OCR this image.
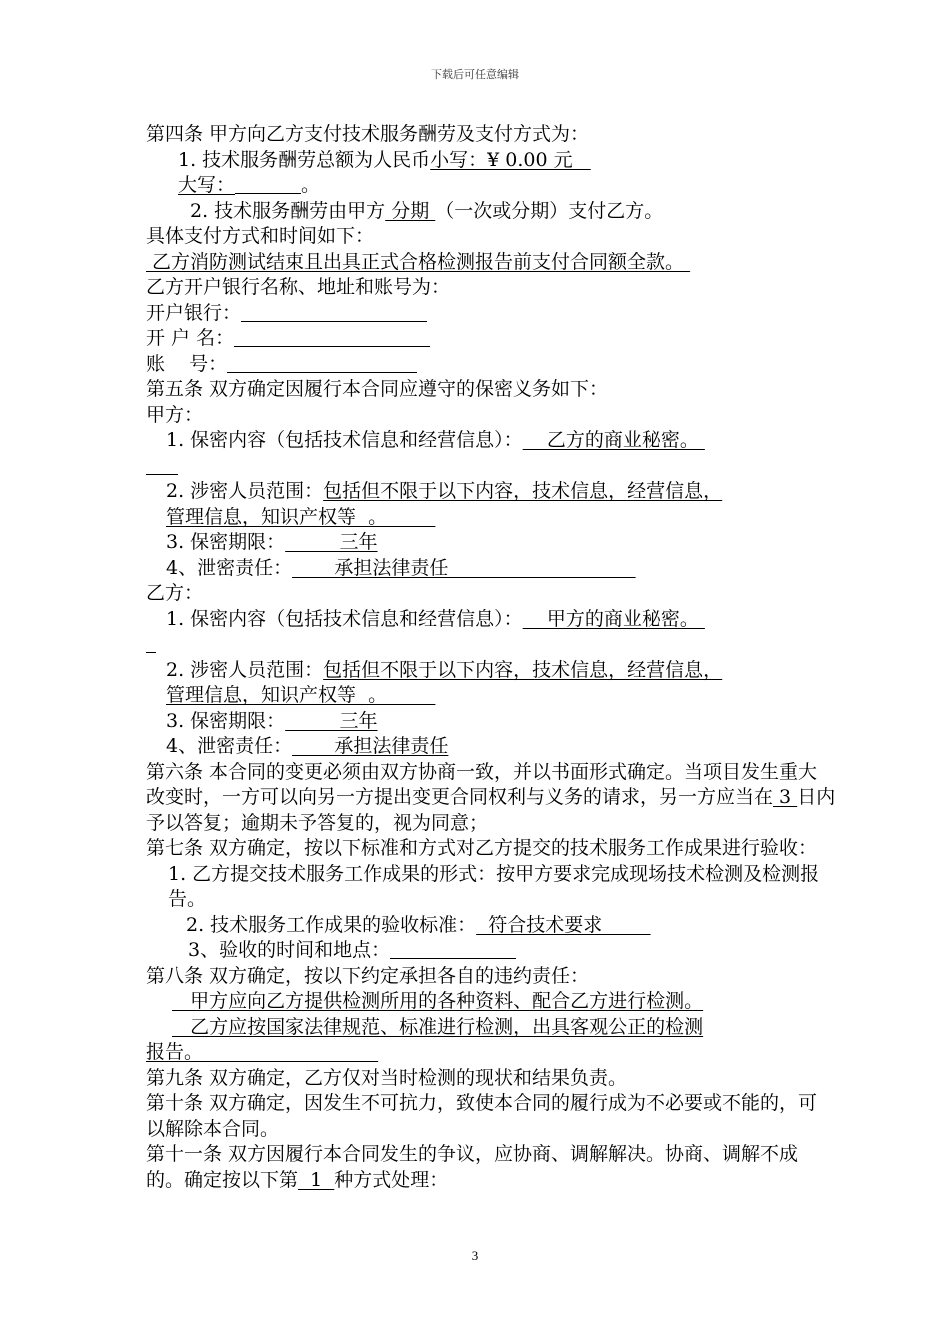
下载后可任意编辑
第四条 甲方向乙方支付技术服务酬劳及支付方式为：
1. 技术服务酬劳总额为人民币小写：¥ 0.00 元
大写：	。
2. 技术服务酬劳由甲方 分期 （一次或分期）支付乙方。
具体支付方式和时间如下：
乙方消防测试结束且出具正式合格检测报告前支付合同额全款。
乙方开户银行名称、地址和账号为：
开户银行：
开 户 名：
账    号：
第五条 双方确定因履行本合同应遵守的保密义务如下：
甲方：
1. 保密内容（包括技术信息和经营信息）：    乙方的商业秘密。
2. 涉密人员范围：包括但不限于以下内容，技术信息，经营信息，
管理信息，知识产权等  。
3. 保密期限：         三年
4、泄密责任：       承担法律责任
乙方：
1. 保密内容（包括技术信息和经营信息）：    甲方的商业秘密。
2. 涉密人员范围：包括但不限于以下内容，技术信息，经营信息，
管理信息，知识产权等  。
3. 保密期限：         三年
4、泄密责任：       承担法律责任
第六条 本合同的变更必须由双方协商一致，并以书面形式确定。当项目发生重大改变时，一方可以向另一方提出变更合同权利与义务的请求，另一方应当在 3 日内予以答复；逾期未予答复的，视为同意；
第七条 双方确定，按以下标准和方式对乙方提交的技术服务工作成果进行验收：
1. 乙方提交技术服务工作成果的形式：按甲方要求完成现场技术检测及检测报告。
2. 技术服务工作成果的验收标准：  符合技术要求
3、验收的时间和地点：
第八条 双方确定，按以下约定承担各自的违约责任：
甲方应向乙方提供检测所用的各种资料、配合乙方进行检测。
乙方应按国家法律规范、标准进行检测，出具客观公正的检测
报告。
第九条 双方确定，乙方仅对当时检测的现状和结果负责。
第十条 双方确定，因发生不可抗力，致使本合同的履行成为不必要或不能的，可以解除本合同。
第十一条 双方因履行本合同发生的争议，应协商、调解解决。协商、调解不成的。确定按以下第  1  种方式处理：
3
